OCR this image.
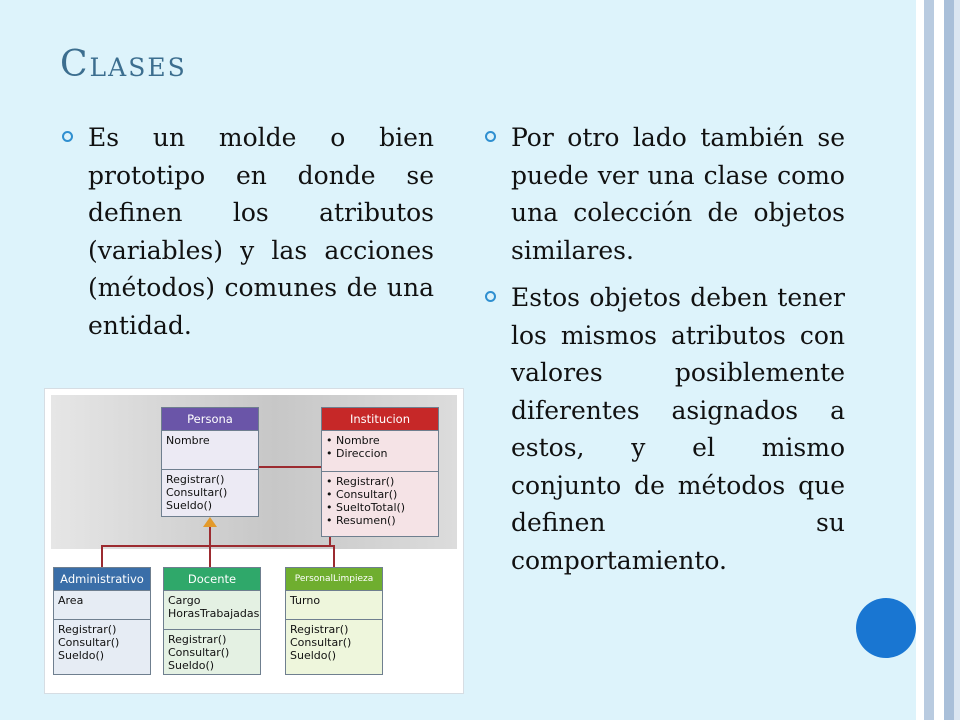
Clases
Es un molde o bien prototipo en donde se definen los atributos (variables) y las acciones (métodos) comunes de una entidad.
Por otro lado también se puede ver una clase como una colección de objetos similares.
Estos objetos deben tener los mismos atributos con valores posiblemente diferentes asignados a estos, y el mismo conjunto de métodos que definen su comportamiento.
Persona
Nombre
Registrar()
Consultar()
Sueldo()
Institucion
• Nombre
• Direccion
• Registrar()
• Consultar()
• SueltoTotal()
• Resumen()
Administrativo
Area
Registrar()
Consultar()
Sueldo()
Docente
Cargo
HorasTrabajadas
Registrar()
Consultar()
Sueldo()
PersonalLimpieza
Turno
Registrar()
Consultar()
Sueldo()
